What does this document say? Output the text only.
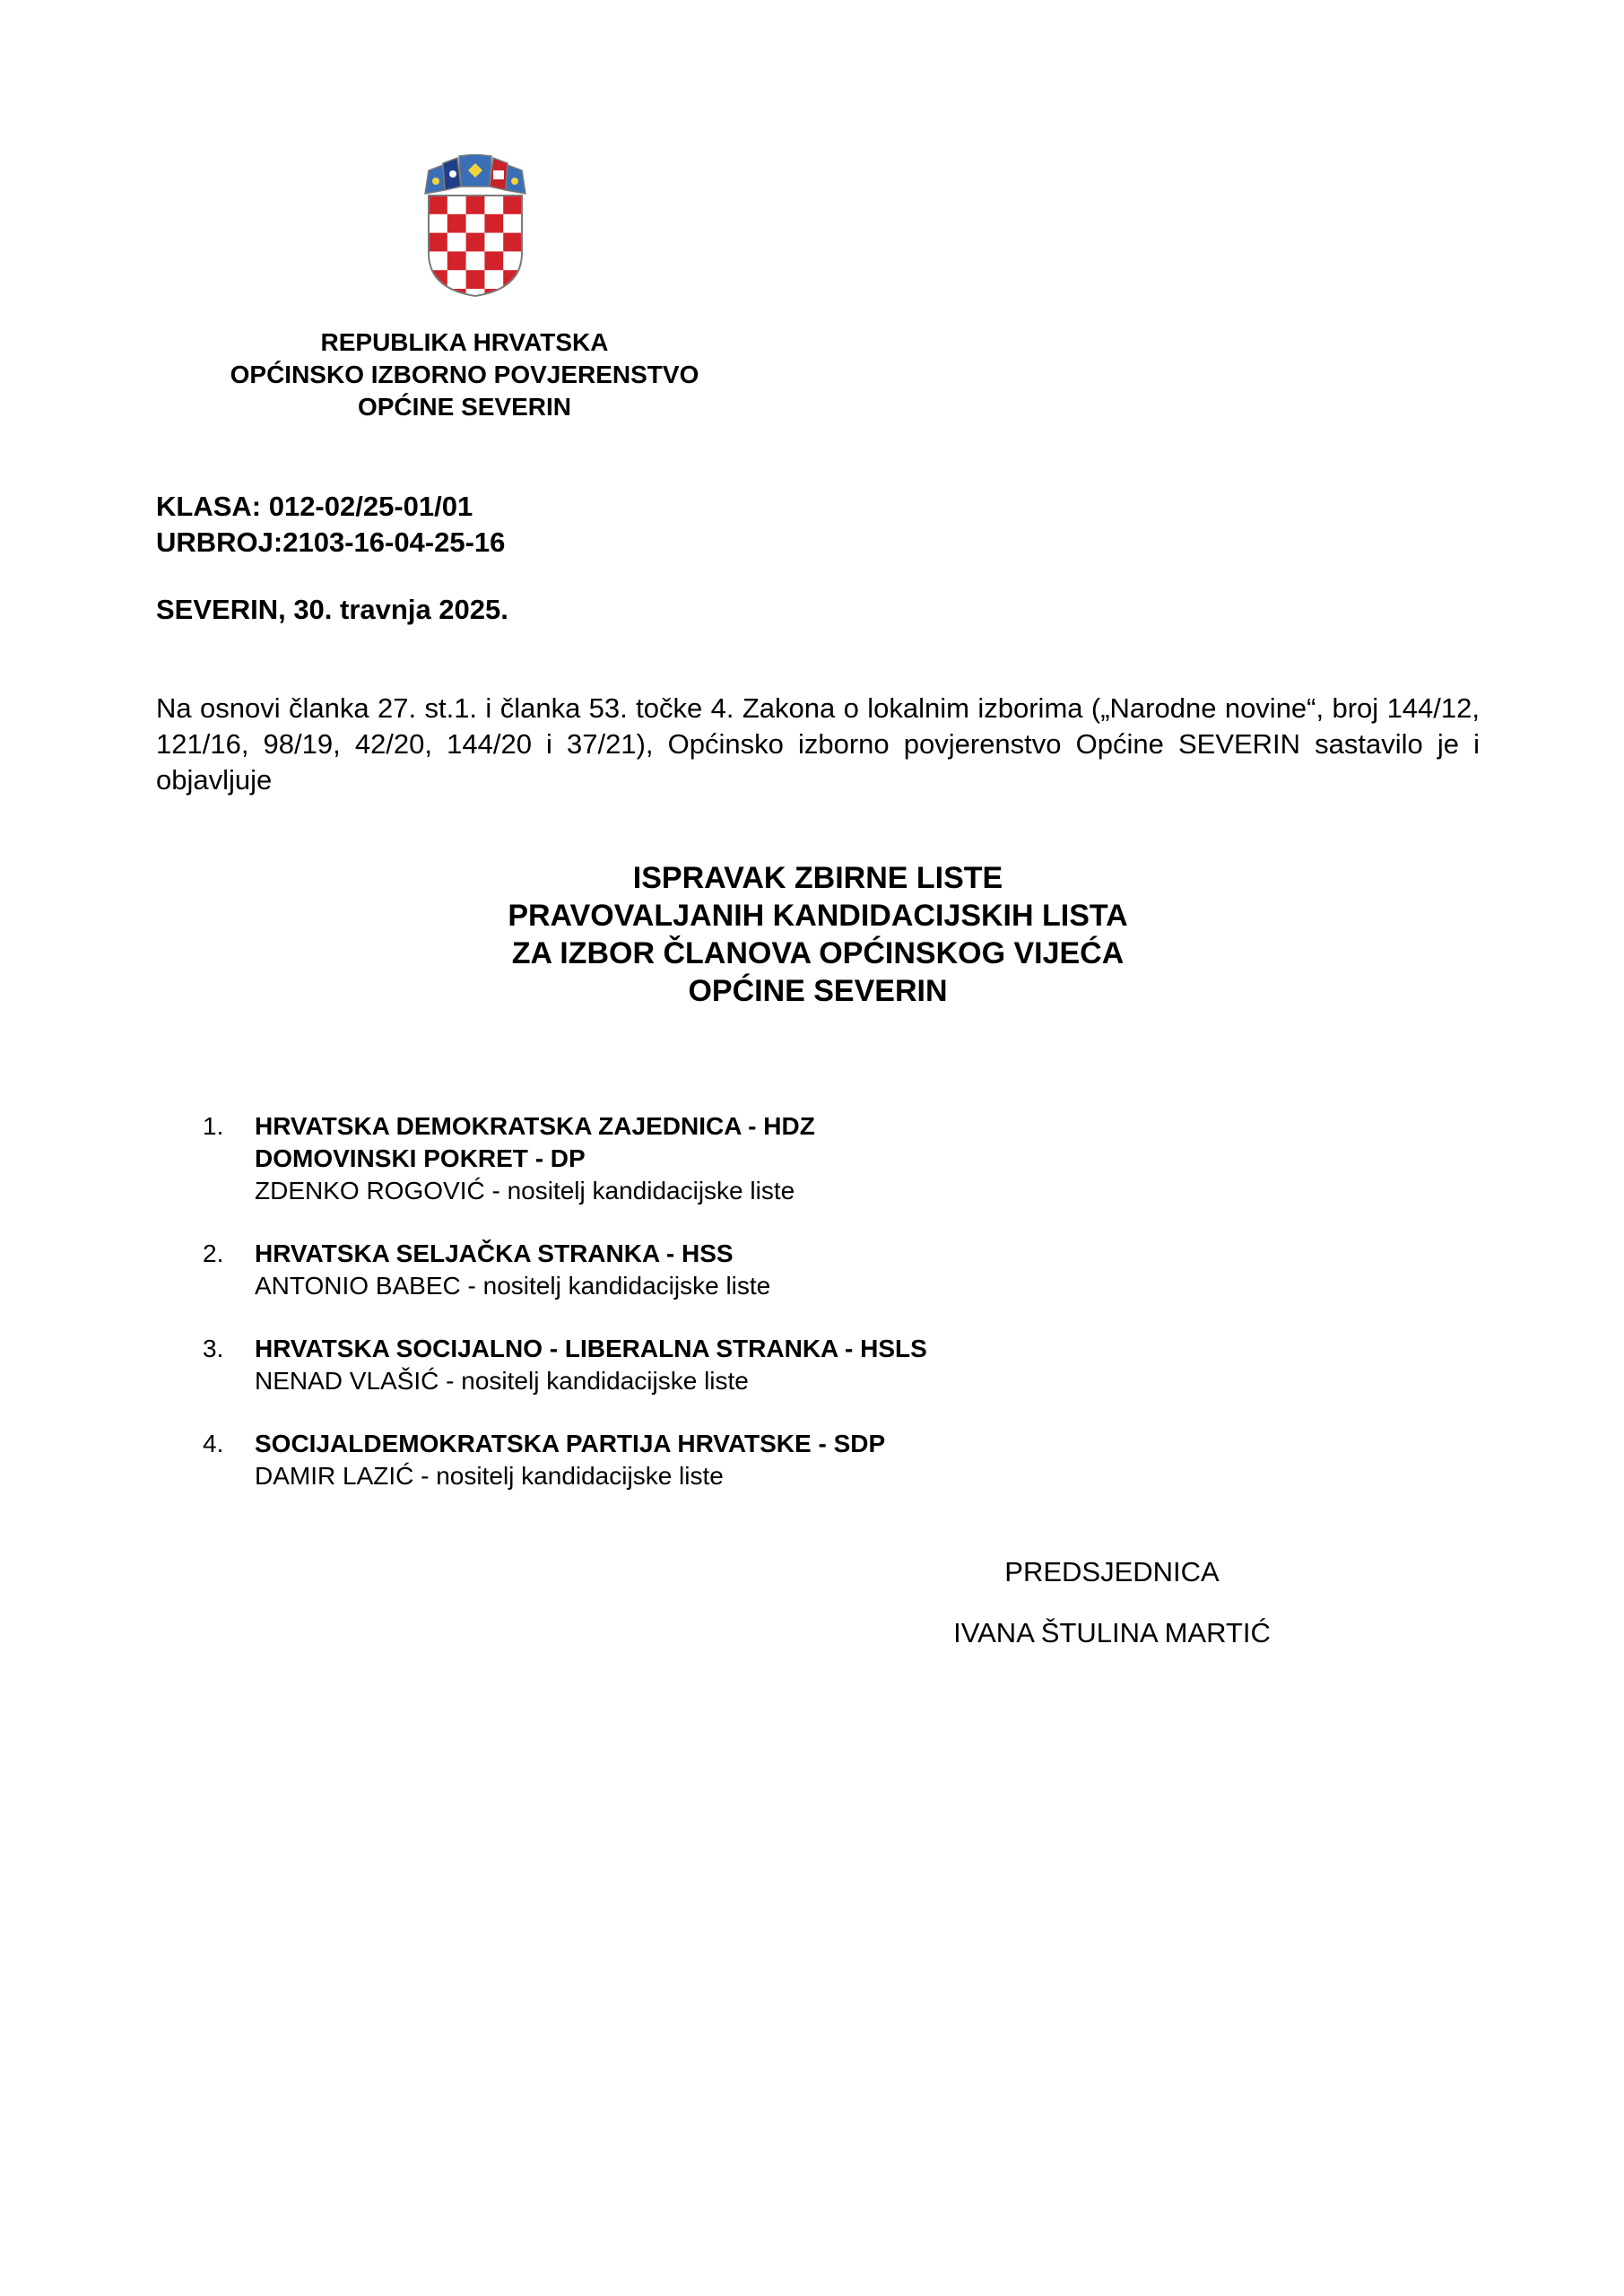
REPUBLIKA HRVATSKA
OPĆINSKO IZBORNO POVJERENSTVO
OPĆINE SEVERIN
KLASA: 012-02/25-01/01
URBROJ:2103-16-04-25-16
SEVERIN, 30. travnja 2025.
Na osnovi članka 27. st.1. i članka 53. točke 4. Zakona o lokalnim izborima („Narodne novine“, broj 144/12, 121/16, 98/19, 42/20, 144/20 i 37/21), Općinsko izborno povjerenstvo Općine SEVERIN sastavilo je i objavljuje
ISPRAVAK ZBIRNE LISTE
PRAVOVALJANIH KANDIDACIJSKIH LISTA
ZA IZBOR ČLANOVA OPĆINSKOG VIJEĆA
OPĆINE SEVERIN
1. HRVATSKA DEMOKRATSKA ZAJEDNICA - HDZ
DOMOVINSKI POKRET - DP
ZDENKO ROGOVIĆ - nositelj kandidacijske liste
2. HRVATSKA SELJAČKA STRANKA - HSS
ANTONIO BABEC - nositelj kandidacijske liste
3. HRVATSKA SOCIJALNO - LIBERALNA STRANKA - HSLS
NENAD VLAŠIĆ - nositelj kandidacijske liste
4. SOCIJALDEMOKRATSKA PARTIJA HRVATSKE - SDP
DAMIR LAZIĆ - nositelj kandidacijske liste
PREDSJEDNICA
IVANA ŠTULINA MARTIĆ
